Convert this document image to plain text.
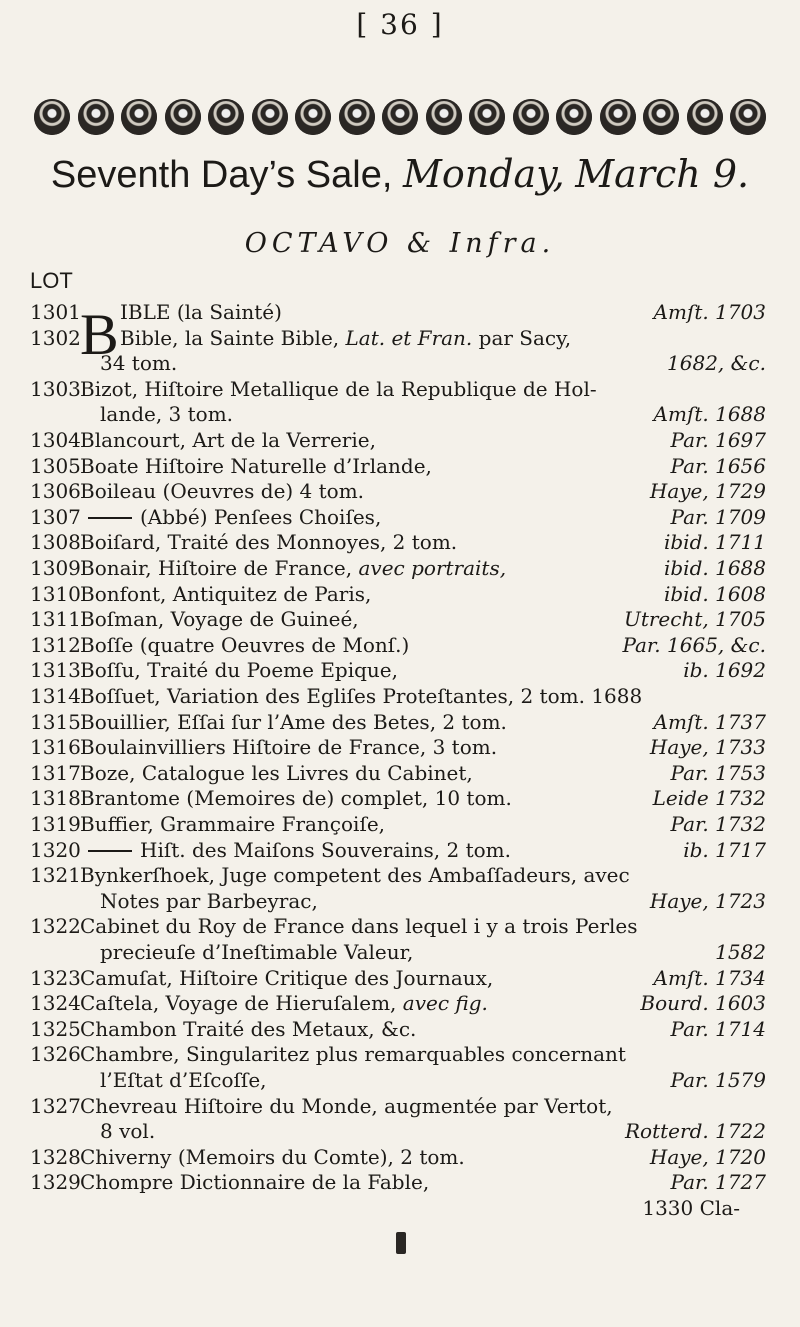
[ 36 ]
Seventh Day’s Sale, Monday, March 9.
OCTAVO & Infra.
LOT
B
1301 IBLE (la Sainté)	Amſt. 1703
1302 Bible, la Sainte Bible, Lat. et Fran. par Sacy,
34 tom.	1682, &c.
1303 Bizot, Hiſtoire Metallique de la Republique de Hol-
lande, 3 tom.	Amſt. 1688
1304 Blancourt, Art de la Verrerie,	Par. 1697
1305 Boate Hiſtoire Naturelle d’Irlande,	Par. 1656
1306 Boileau (Oeuvres de) 4 tom.	Haye, 1729
1307	(Abbé) Penſees Choiſes,	Par. 1709
1308 Boiſard, Traité des Monnoyes, 2 tom.	ibid. 1711
1309 Bonair, Hiſtoire de France, avec portraits,	ibid. 1688
1310 Bonfont, Antiquitez de Paris,	ibid. 1608
1311 Boſman, Voyage de Guineé,	Utrecht, 1705
1312 Boſſe (quatre Oeuvres de Monſ.)	Par. 1665, &c.
1313 Boſſu, Traité du Poeme Epique,	ib. 1692
1314 Boſſuet, Variation des Egliſes Proteſtantes, 2 tom. 1688
1315 Bouillier, Eſſai ſur l’Ame des Betes, 2 tom.	Amſt. 1737
1316 Boulainvilliers Hiſtoire de France, 3 tom.	Haye, 1733
1317 Boze, Catalogue les Livres du Cabinet,	Par. 1753
1318 Brantome (Memoires de) complet, 10 tom.	Leide 1732
1319 Buffier, Grammaire Françoiſe,	Par. 1732
1320	Hiſt. des Maiſons Souverains, 2 tom.	ib. 1717
1321 Bynkerſhoek, Juge competent des Ambaſſadeurs, avec
Notes par Barbeyrac,	Haye, 1723
1322 Cabinet du Roy de France dans lequel i y a trois Perles
precieuſe d’Ineſtimable Valeur,	1582
1323 Camuſat, Hiſtoire Critique des Journaux,	Amſt. 1734
1324 Caſtela, Voyage de Hieruſalem, avec fig.	Bourd. 1603
1325 Chambon Traité des Metaux, &c.	Par. 1714
1326 Chambre, Singularitez plus remarquables concernant
l’Eſtat d’Eſcoſſe,	Par. 1579
1327 Chevreau Hiſtoire du Monde, augmentée par Vertot,
8 vol.	Rotterd. 1722
1328 Chiverny (Memoirs du Comte), 2 tom.	Haye, 1720
1329 Chompre Dictionnaire de la Fable,	Par. 1727
1330 Cla-
